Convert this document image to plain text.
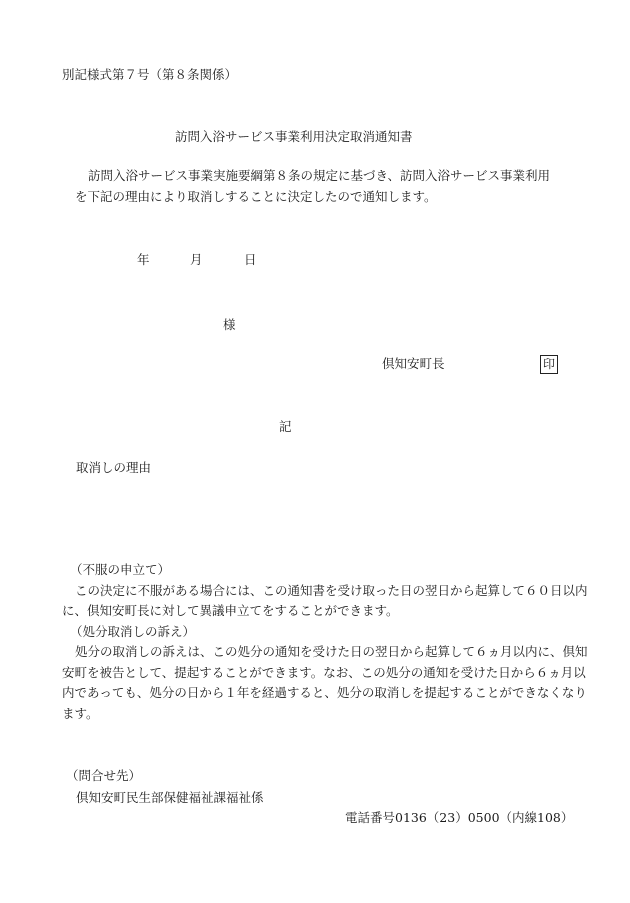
別記様式第７号（第８条関係）
訪問入浴サービス事業利用決定取消通知書

訪問入浴サービス事業実施要綱第８条の規定に基づき、訪問入浴サービス事業利用

を下記の理由により取消しすることに決定したので通知します。

年	月	日
様
倶知安町長	印
記
取消しの理由

（不服の申立て）

この決定に不服がある場合には、この通知書を受け取った日の翌日から起算して６０日以内

に、倶知安町長に対して異議申立てをすることができます。

（処分取消しの訴え）

処分の取消しの訴えは、この処分の通知を受けた日の翌日から起算して６ヵ月以内に、倶知

安町を被告として、提起することができます。なお、この処分の通知を受けた日から６ヵ月以

内であっても、処分の日から１年を経過すると、処分の取消しを提起することができなくなり

ます。

（問合せ先）
倶知安町民生部保健福祉課福祉係
電話番号0136（23）0500（内線108）
